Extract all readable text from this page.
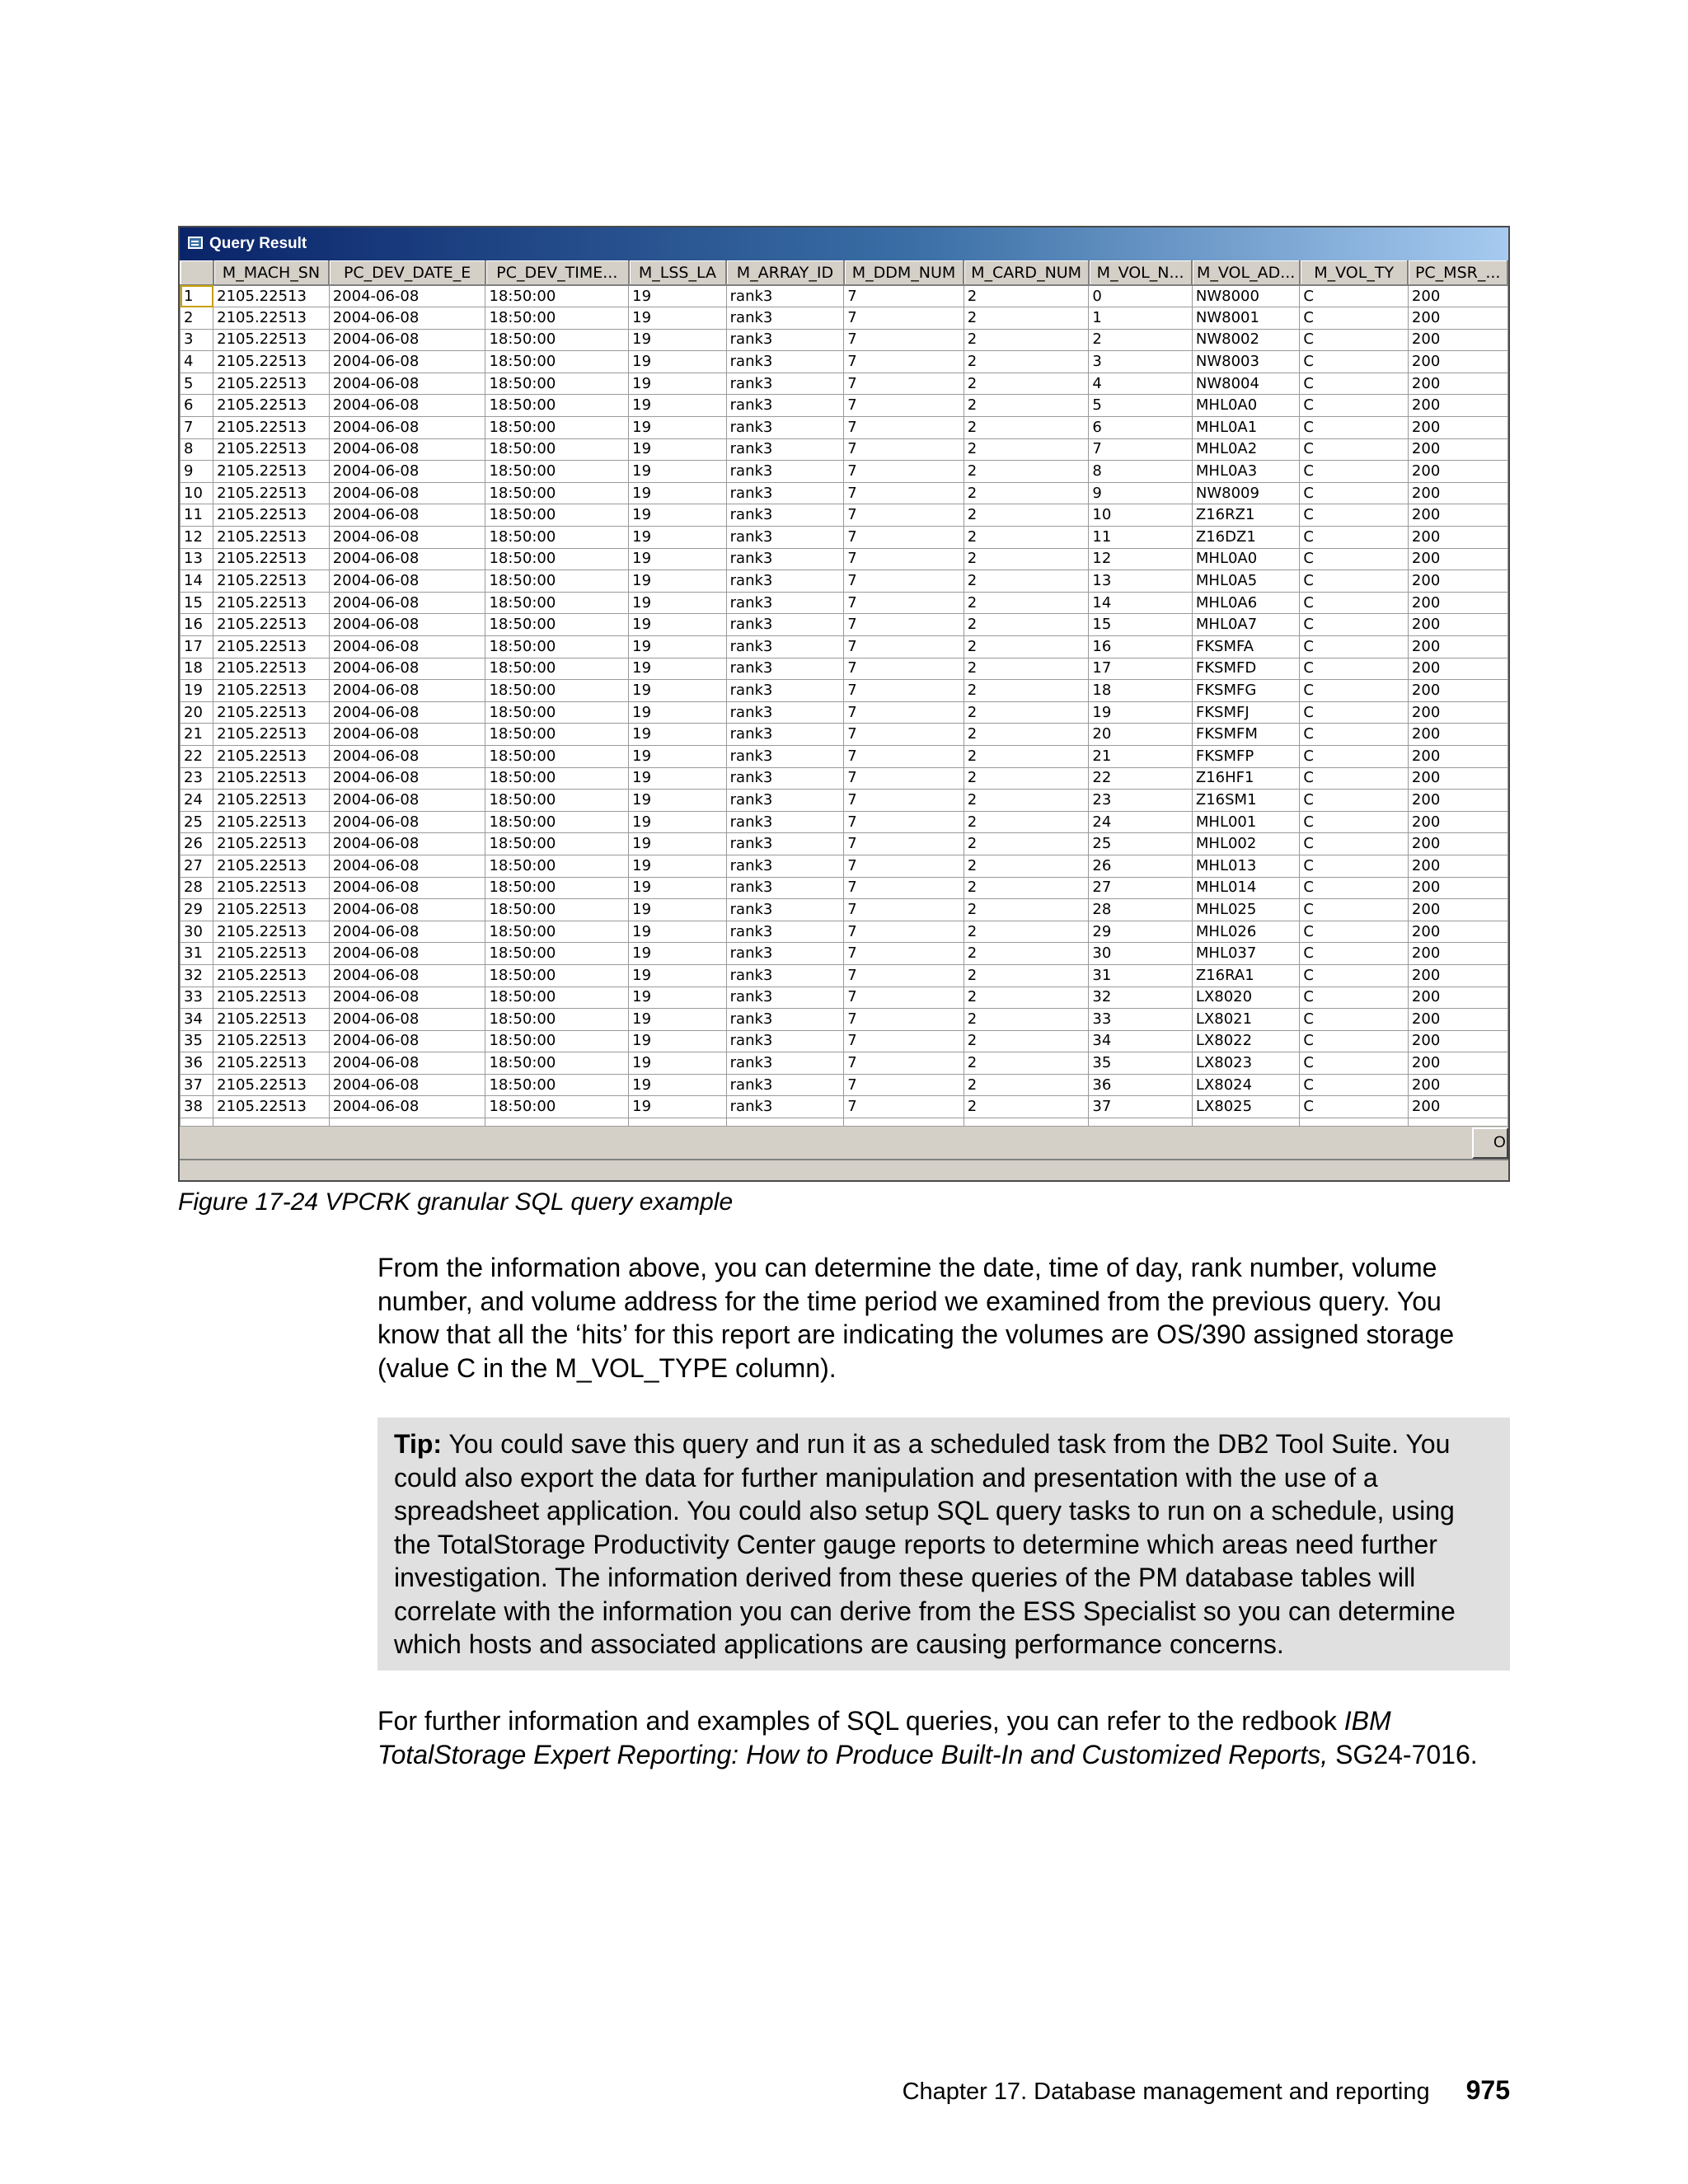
Query Result
	M_MACH_SN	PC_DEV_DATE_E	PC_DEV_TIME...	M_LSS_LA	M_ARRAY_ID	M_DDM_NUM	M_CARD_NUM	M_VOL_N...	M_VOL_AD...	M_VOL_TY	PC_MSR_...
1	2105.22513	2004-06-08	18:50:00	19	rank3	7	2	0	NW8000	C	200
2	2105.22513	2004-06-08	18:50:00	19	rank3	7	2	1	NW8001	C	200
3	2105.22513	2004-06-08	18:50:00	19	rank3	7	2	2	NW8002	C	200
4	2105.22513	2004-06-08	18:50:00	19	rank3	7	2	3	NW8003	C	200
5	2105.22513	2004-06-08	18:50:00	19	rank3	7	2	4	NW8004	C	200
6	2105.22513	2004-06-08	18:50:00	19	rank3	7	2	5	MHL0A0	C	200
7	2105.22513	2004-06-08	18:50:00	19	rank3	7	2	6	MHL0A1	C	200
8	2105.22513	2004-06-08	18:50:00	19	rank3	7	2	7	MHL0A2	C	200
9	2105.22513	2004-06-08	18:50:00	19	rank3	7	2	8	MHL0A3	C	200
10	2105.22513	2004-06-08	18:50:00	19	rank3	7	2	9	NW8009	C	200
11	2105.22513	2004-06-08	18:50:00	19	rank3	7	2	10	Z16RZ1	C	200
12	2105.22513	2004-06-08	18:50:00	19	rank3	7	2	11	Z16DZ1	C	200
13	2105.22513	2004-06-08	18:50:00	19	rank3	7	2	12	MHL0A0	C	200
14	2105.22513	2004-06-08	18:50:00	19	rank3	7	2	13	MHL0A5	C	200
15	2105.22513	2004-06-08	18:50:00	19	rank3	7	2	14	MHL0A6	C	200
16	2105.22513	2004-06-08	18:50:00	19	rank3	7	2	15	MHL0A7	C	200
17	2105.22513	2004-06-08	18:50:00	19	rank3	7	2	16	FKSMFA	C	200
18	2105.22513	2004-06-08	18:50:00	19	rank3	7	2	17	FKSMFD	C	200
19	2105.22513	2004-06-08	18:50:00	19	rank3	7	2	18	FKSMFG	C	200
20	2105.22513	2004-06-08	18:50:00	19	rank3	7	2	19	FKSMFJ	C	200
21	2105.22513	2004-06-08	18:50:00	19	rank3	7	2	20	FKSMFM	C	200
22	2105.22513	2004-06-08	18:50:00	19	rank3	7	2	21	FKSMFP	C	200
23	2105.22513	2004-06-08	18:50:00	19	rank3	7	2	22	Z16HF1	C	200
24	2105.22513	2004-06-08	18:50:00	19	rank3	7	2	23	Z16SM1	C	200
25	2105.22513	2004-06-08	18:50:00	19	rank3	7	2	24	MHL001	C	200
26	2105.22513	2004-06-08	18:50:00	19	rank3	7	2	25	MHL002	C	200
27	2105.22513	2004-06-08	18:50:00	19	rank3	7	2	26	MHL013	C	200
28	2105.22513	2004-06-08	18:50:00	19	rank3	7	2	27	MHL014	C	200
29	2105.22513	2004-06-08	18:50:00	19	rank3	7	2	28	MHL025	C	200
30	2105.22513	2004-06-08	18:50:00	19	rank3	7	2	29	MHL026	C	200
31	2105.22513	2004-06-08	18:50:00	19	rank3	7	2	30	MHL037	C	200
32	2105.22513	2004-06-08	18:50:00	19	rank3	7	2	31	Z16RA1	C	200
33	2105.22513	2004-06-08	18:50:00	19	rank3	7	2	32	LX8020	C	200
34	2105.22513	2004-06-08	18:50:00	19	rank3	7	2	33	LX8021	C	200
35	2105.22513	2004-06-08	18:50:00	19	rank3	7	2	34	LX8022	C	200
36	2105.22513	2004-06-08	18:50:00	19	rank3	7	2	35	LX8023	C	200
37	2105.22513	2004-06-08	18:50:00	19	rank3	7	2	36	LX8024	C	200
38	2105.22513	2004-06-08	18:50:00	19	rank3	7	2	37	LX8025	C	200

O
Figure 17-24 VPCRK granular SQL query example
From the information above, you can determine the date, time of day, rank number, volume number, and volume address for the time period we examined from the previous query. You know that all the ‘hits’ for this report are indicating the volumes are OS/390 assigned storage (value C in the M_VOL_TYPE column).
Tip: You could save this query and run it as a scheduled task from the DB2 Tool Suite. You could also export the data for further manipulation and presentation with the use of a spreadsheet application. You could also setup SQL query tasks to run on a schedule, using the TotalStorage Productivity Center gauge reports to determine which areas need further investigation. The information derived from these queries of the PM database tables will correlate with the information you can derive from the ESS Specialist so you can determine which hosts and associated applications are causing performance concerns.
For further information and examples of SQL queries, you can refer to the redbook IBM TotalStorage Expert Reporting: How to Produce Built-In and Customized Reports, SG24-7016.
Chapter 17. Database management and reporting 975
